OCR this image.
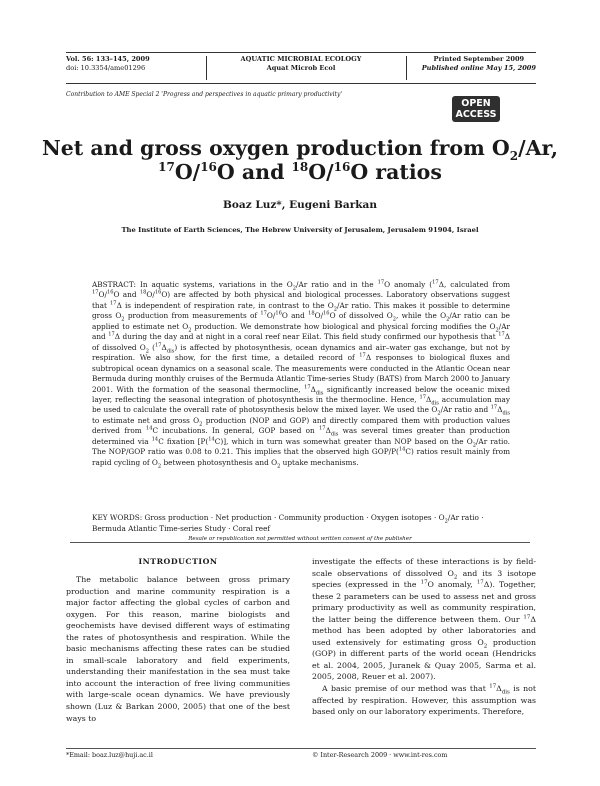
Vol. 56: 133–145, 2009
doi: 10.3354/ame01296
AQUATIC MICROBIAL ECOLOGY
Aquat Microb Ecol
Printed September 2009
Published online May 15, 2009
Contribution to AME Special 2 'Progress and perspectives in aquatic primary productivity'
OPEN
ACCESS
Net and gross oxygen production from $O_2/Ar$,
$^{17}$O/$^{16}$O and $^{18}$O/$^{16}$O ratios
Boaz Luz*, Eugeni Barkan
The Institute of Earth Sciences, The Hebrew University of Jerusalem, Jerusalem 91904, Israel
ABSTRACT: In aquatic systems, variations in the $O_2/Ar$ ratio and in the $^{17}$O anomaly ($^{17}$Δ, calculated from $^{17}$O/$^{16}$O and $^{18}$O/$^{16}$O) are affected by both physical and biological processes. Laboratory observations suggest that $^{17}$Δ is independent of respiration rate, in contrast to the $O_2/Ar$ ratio. This makes it possible to determine gross $O_2$ production from measurements of $^{17}$O/$^{16}$O and $^{18}$O/$^{16}$O of dissolved $O_2$, while the $O_2/Ar$ ratio can be applied to estimate net $O_2$ production. We demonstrate how biological and physical forcing modifies the $O_2/Ar$ and $^{17}$Δ during the day and at night in a coral reef near Eilat. This field study confirmed our hypothesis that $^{17}$Δ of dissolved $O_2$ $(^{17}\Delta_{dis})$ is affected by photosynthesis, ocean dynamics and air–water gas exchange, but not by respiration. We also show, for the first time, a detailed record of $^{17}$Δ responses to biological fluxes and subtropical ocean dynamics on a seasonal scale. The measurements were conducted in the Atlantic Ocean near Bermuda during monthly cruises of the Bermuda Atlantic Time-series Study (BATS) from March 2000 to January 2001. With the formation of the seasonal thermocline, $^{17}\Delta_{dis}$ significantly increased below the oceanic mixed layer, reflecting the seasonal integration of photosynthesis in the thermocline. Hence, $^{17}\Delta_{dis}$ accumulation may be used to calculate the overall rate of photosynthesis below the mixed layer. We used the $O_2/Ar$ ratio and $^{17}\Delta_{dis}$ to estimate net and gross $O_2$ production (NOP and GOP) and directly compared them with production values derived from $^{14}$C incubations. In general, GOP based on $^{17}\Delta_{dis}$ was several times greater than production determined via $^{14}$C fixation [P($^{14}$C)], which in turn was somewhat greater than NOP based on the $O_2/Ar$ ratio. The NOP/GOP ratio was 0.08 to 0.21. This implies that the observed high GOP/P($^{14}$C) ratios result mainly from rapid cycling of $O_2$ between photosynthesis and $O_2$ uptake mechanisms.
KEY WORDS: Gross production · Net production · Community production · Oxygen isotopes · $O_2/Ar$ ratio · Bermuda Atlantic Time-series Study · Coral reef
Resale or republication not permitted without written consent of the publisher
INTRODUCTION

The metabolic balance between gross primary production and marine community respiration is a major factor affecting the global cycles of carbon and oxygen. For this reason, marine biologists and geochemists have devised different ways of estimating the rates of photosynthesis and respiration. While the basic mechanisms affecting these rates can be studied in small-scale laboratory and field experiments, understanding their manifestation in the sea must take into account the interaction of free living communities with large-scale ocean dynamics. We have previously shown (Luz & Barkan 2000, 2005) that one of the best ways to

investigate the effects of these interactions is by field-scale observations of dissolved $O_2$ and its 3 isotope species (expressed in the $^{17}$O anomaly, $^{17}$Δ). Together, these 2 parameters can be used to assess net and gross primary productivity as well as community respiration, the latter being the difference between them. Our $^{17}$Δ method has been adopted by other laboratories and used extensively for estimating gross $O_2$ production (GOP) in different parts of the world ocean (Hendricks et al. 2004, 2005, Juranek & Quay 2005, Sarma et al. 2005, 2008, Reuer et al. 2007).

A basic premise of our method was that $^{17}\Delta_{dis}$ is not affected by respiration. However, this assumption was based only on our laboratory experiments. Therefore,

*Email: boaz.luz@huji.ac.il	© Inter-Research 2009 · www.int-res.com
